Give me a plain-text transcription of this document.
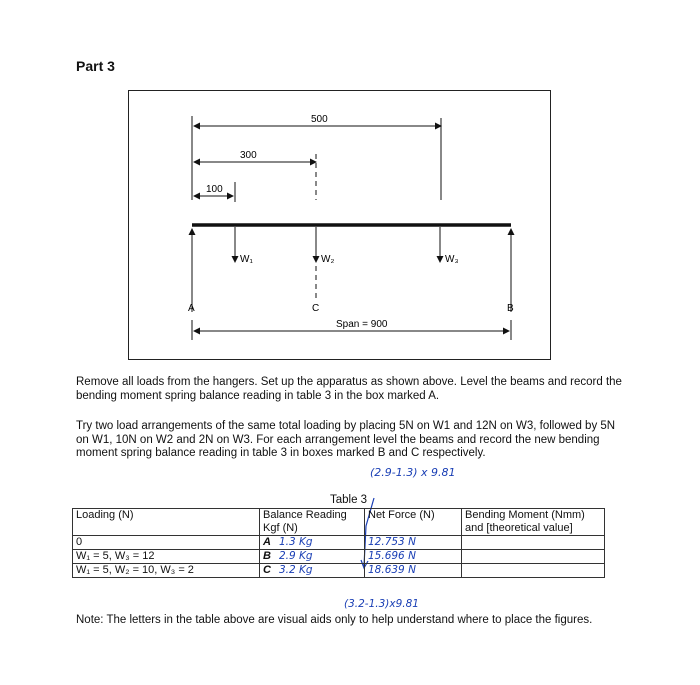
Part 3
500
300
100
W₁	W₂	W₃
A	C	B
Span = 900
Remove all loads from the hangers. Set up the apparatus as shown above. Level the beams and record the bending moment spring balance reading in table 3 in the box marked A.
Try two load arrangements of the same total loading by placing 5N on W1 and 12N on W3, followed by 5N on W1, 10N on W2 and 2N on W3. For each arrangement level the beams and record the new bending moment spring balance reading in table 3 in boxes marked B and C respectively.
(2.9-1.3) x 9.81
Table 3
Loading (N)	Balance Reading Kgf (N)	Net Force (N)	Bending Moment (Nmm) and [theoretical value]
0	A 1.3 Kg	12.753 N	
W₁ = 5, W₃ = 12	B 2.9 Kg	15.696 N	
W₁ = 5, W₂ = 10, W₃ = 2	C 3.2 Kg	18.639 N	
(3.2-1.3)x9.81
Note: The letters in the table above are visual aids only to help understand where to place the figures.
